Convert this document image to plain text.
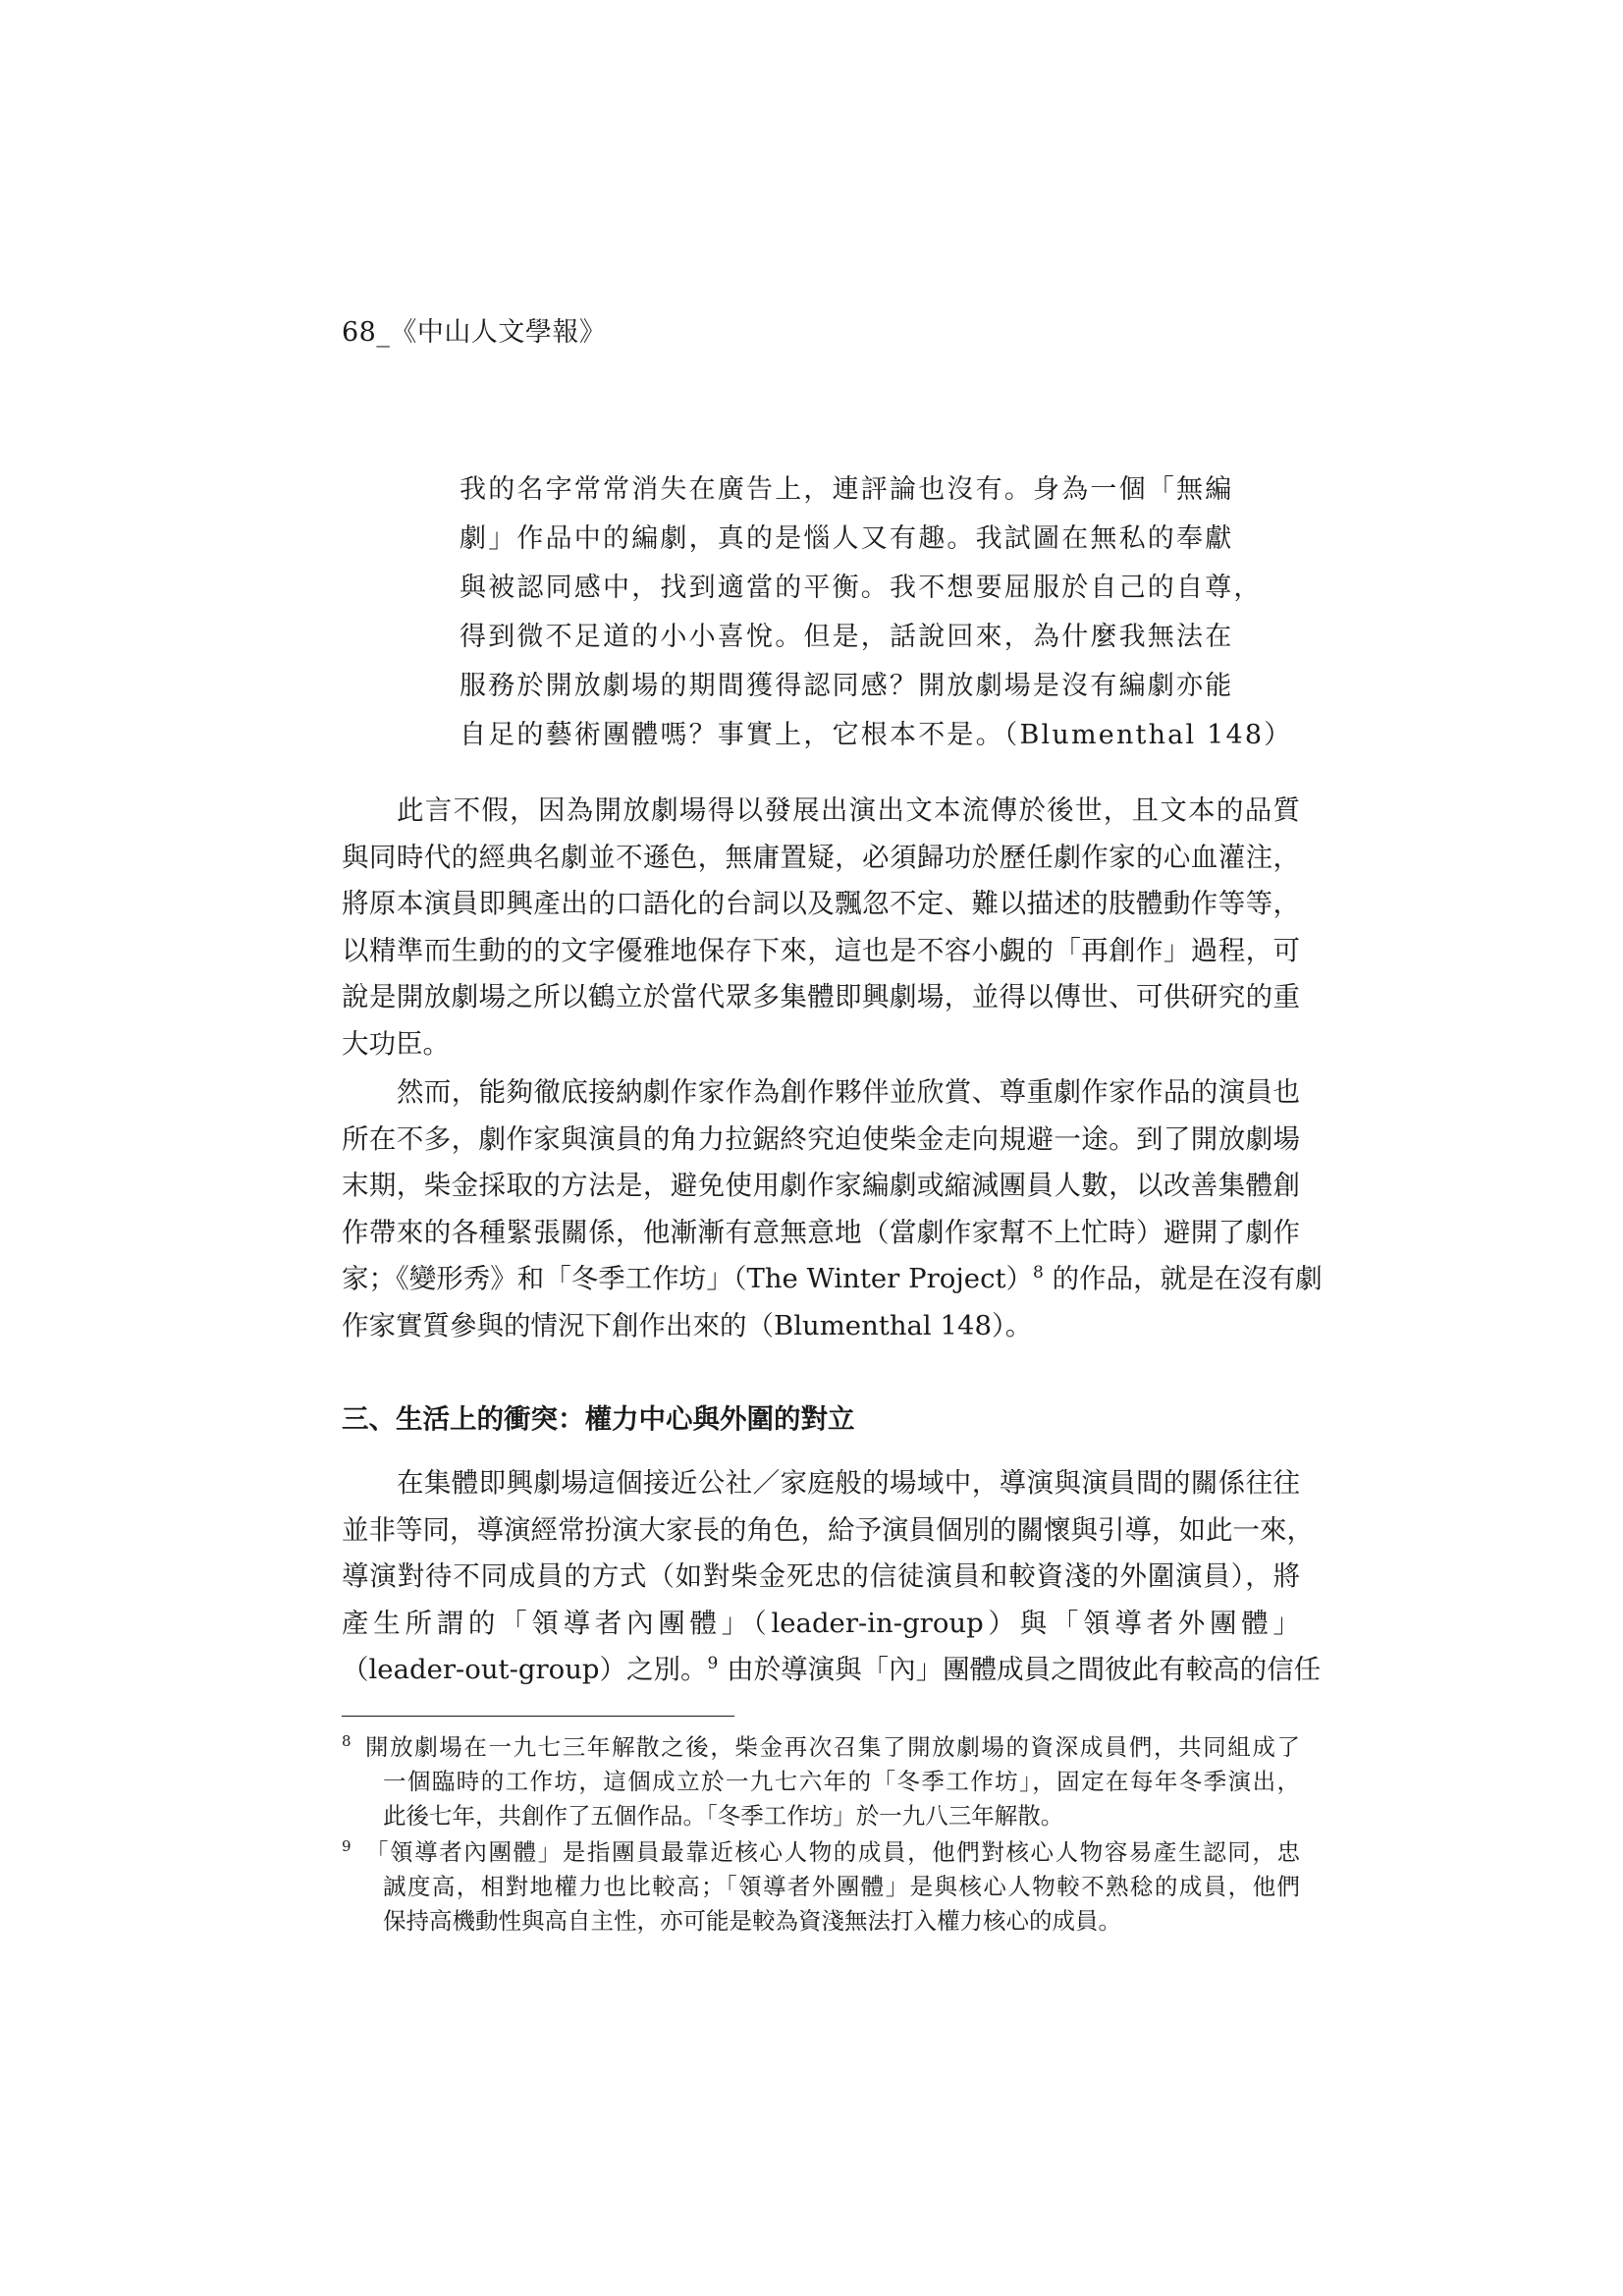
68_《中山人文學報》
我的名字常常消失在廣告上，連評論也沒有。身為一個「無編
劇」作品中的編劇，真的是惱人又有趣。我試圖在無私的奉獻
與被認同感中，找到適當的平衡。我不想要屈服於自己的自尊，
得到微不足道的小小喜悅。但是，話說回來，為什麼我無法在
服務於開放劇場的期間獲得認同感？開放劇場是沒有編劇亦能
自足的藝術團體嗎？事實上，它根本不是。（Blumenthal 148）
此言不假，因為開放劇場得以發展出演出文本流傳於後世，且文本的品質
與同時代的經典名劇並不遜色，無庸置疑，必須歸功於歷任劇作家的心血灌注，
將原本演員即興產出的口語化的台詞以及飄忽不定、難以描述的肢體動作等等，
以精準而生動的的文字優雅地保存下來，這也是不容小覷的「再創作」過程，可
說是開放劇場之所以鶴立於當代眾多集體即興劇場，並得以傳世、可供研究的重
大功臣。
然而，能夠徹底接納劇作家作為創作夥伴並欣賞、尊重劇作家作品的演員也
所在不多，劇作家與演員的角力拉鋸終究迫使柴金走向規避一途。到了開放劇場
末期，柴金採取的方法是，避免使用劇作家編劇或縮減團員人數，以改善集體創
作帶來的各種緊張關係，他漸漸有意無意地（當劇作家幫不上忙時）避開了劇作
家；《變形秀》和「冬季工作坊」（The Winter Project）$^8$ 的作品，就是在沒有劇
作家實質參與的情況下創作出來的（Blumenthal 148）。
三、生活上的衝突：權力中心與外圍的對立
在集體即興劇場這個接近公社／家庭般的場域中，導演與演員間的關係往往
並非等同，導演經常扮演大家長的角色，給予演員個別的關懷與引導，如此一來，
導演對待不同成員的方式（如對柴金死忠的信徒演員和較資淺的外圍演員），將
產生所謂的「領導者內團體」（leader-in-group）與「領導者外團體」
（leader-out-group）之別。$^9$ 由於導演與「內」團體成員之間彼此有較高的信任
8 開放劇場在一九七三年解散之後，柴金再次召集了開放劇場的資深成員們，共同組成了
一個臨時的工作坊，這個成立於一九七六年的「冬季工作坊」，固定在每年冬季演出，
此後七年，共創作了五個作品。「冬季工作坊」於一九八三年解散。
9 「領導者內團體」是指團員最靠近核心人物的成員，他們對核心人物容易產生認同，忠
誠度高，相對地權力也比較高；「領導者外團體」是與核心人物較不熟稔的成員，他們
保持高機動性與高自主性，亦可能是較為資淺無法打入權力核心的成員。
